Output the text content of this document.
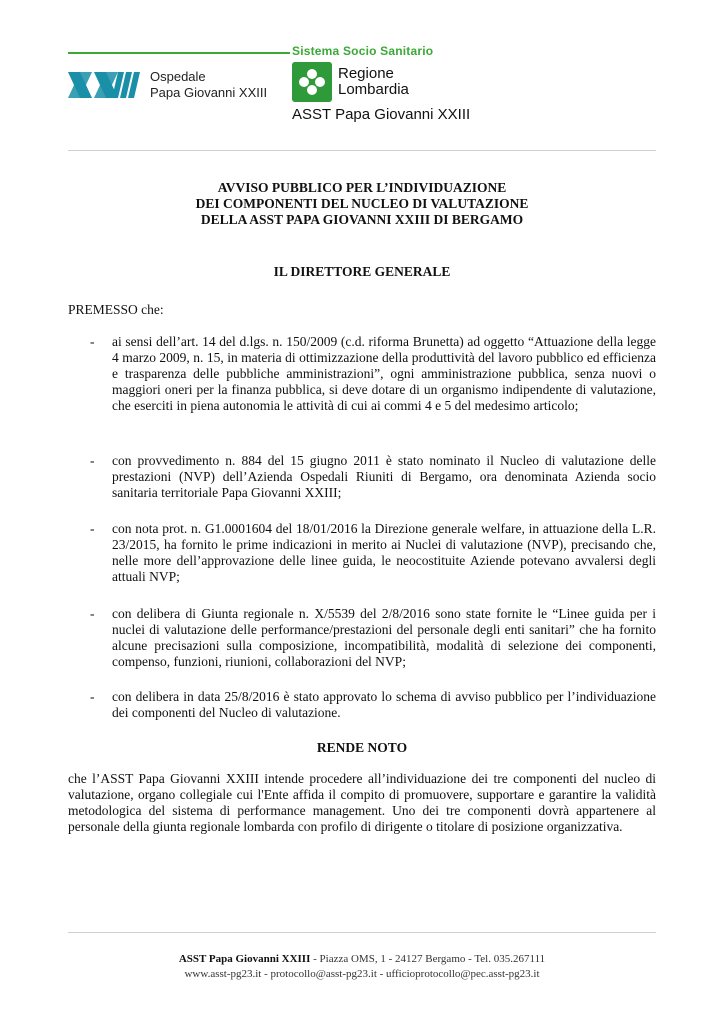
Sistema Socio Sanitario
Ospedale
Papa Giovanni XXIII
Regione
Lombardia
ASST Papa Giovanni XXIII
AVVISO PUBBLICO PER L’INDIVIDUAZIONE
DEI COMPONENTI DEL NUCLEO DI VALUTAZIONE
DELLA ASST PAPA GIOVANNI XXIII DI BERGAMO
IL DIRETTORE GENERALE
PREMESSO che:
- ai sensi dell’art. 14 del d.lgs. n. 150/2009 (c.d. riforma Brunetta) ad oggetto “Attuazione della legge 4 marzo 2009, n. 15, in materia di ottimizzazione della produttività del lavoro pubblico ed efficienza e trasparenza delle pubbliche amministrazioni”, ogni amministrazione pubblica, senza nuovi o maggiori oneri per la finanza pubblica, si deve dotare di un organismo indipendente di valutazione, che eserciti in piena autonomia le attività di cui ai commi 4 e 5 del medesimo articolo;
- con provvedimento n. 884 del 15 giugno 2011 è stato nominato il Nucleo di valutazione delle prestazioni (NVP) dell’Azienda Ospedali Riuniti di Bergamo, ora denominata Azienda socio sanitaria territoriale Papa Giovanni XXIII;
- con nota prot. n. G1.0001604 del 18/01/2016 la Direzione generale welfare, in attuazione della L.R. 23/2015, ha fornito le prime indicazioni in merito ai Nuclei di valutazione (NVP), precisando che, nelle more dell’approvazione delle linee guida, le neocostituite Aziende potevano avvalersi degli attuali NVP;
- con delibera di Giunta regionale n. X/5539 del 2/8/2016 sono state fornite le “Linee guida per i nuclei di valutazione delle performance/prestazioni del personale degli enti sanitari” che ha fornito alcune precisazioni sulla composizione, incompatibilità, modalità di selezione dei componenti, compenso, funzioni, riunioni, collaborazioni del NVP;
- con delibera in data 25/8/2016 è stato approvato lo schema di avviso pubblico per l’individuazione dei componenti del Nucleo di valutazione.
RENDE NOTO
che l’ASST Papa Giovanni XXIII intende procedere all’individuazione dei tre componenti del nucleo di valutazione, organo collegiale cui l'Ente affida il compito di promuovere, supportare e garantire la validità metodologica del sistema di performance management. Uno dei tre componenti dovrà appartenere al personale della giunta regionale lombarda con profilo di dirigente o titolare di posizione organizzativa.
ASST Papa Giovanni XXIII - Piazza OMS, 1 - 24127 Bergamo - Tel. 035.267111
www.asst-pg23.it - protocollo@asst-pg23.it - ufficioprotocollo@pec.asst-pg23.it
